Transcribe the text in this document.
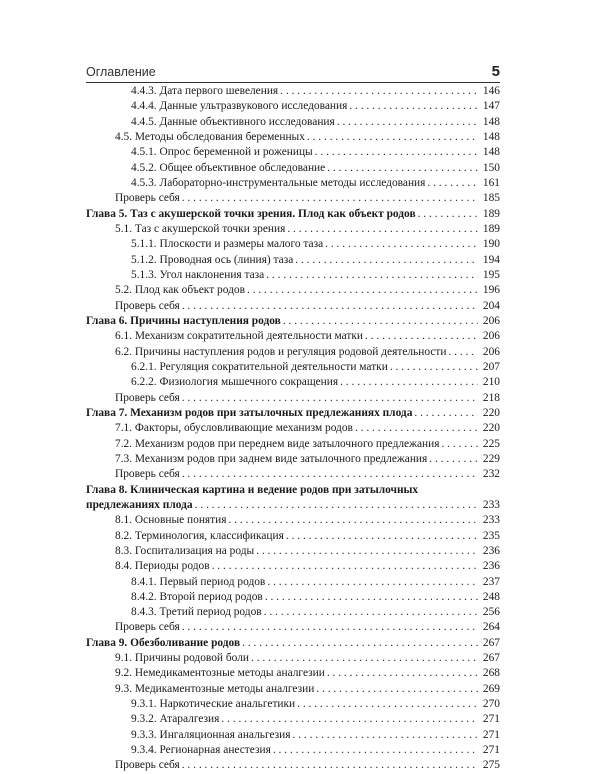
Оглавление	5
4.4.3. Дата первого шевеления . . .	146
4.4.4. Данные ультразвукового исследования . . .	147
4.4.5. Данные объективного исследования . . .	148
4.5. Методы обследования беременных . . .	148
4.5.1. Опрос беременной и роженицы . . .	148
4.5.2. Общее объективное обследование . . .	150
4.5.3. Лабораторно-инструментальные методы исследования . . .	161
Проверь себя . . .	185
Глава 5. Таз с акушерской точки зрения. Плод как объект родов . . .	189
5.1. Таз с акушерской точки зрения . . .	189
5.1.1. Плоскости и размеры малого таза . . .	190
5.1.2. Проводная ось (линия) таза . . .	194
5.1.3. Угол наклонения таза . . .	195
5.2. Плод как объект родов . . .	196
Проверь себя . . .	204
Глава 6. Причины наступления родов . . .	206
6.1. Механизм сократительной деятельности матки . . .	206
6.2. Причины наступления родов и регуляция родовой деятельности . . .	206
6.2.1. Регуляция сократительной деятельности матки . . .	207
6.2.2. Физиология мышечного сокращения . . .	210
Проверь себя . . .	218
Глава 7. Механизм родов при затылочных предлежаниях плода . . .	220
7.1. Факторы, обусловливающие механизм родов . . .	220
7.2. Механизм родов при переднем виде затылочного предлежания . . .	225
7.3. Механизм родов при заднем виде затылочного предлежания . . .	229
Проверь себя . . .	232
Глава 8. Клиническая картина и ведение родов при затылочных
предлежаниях плода . . .	233
8.1. Основные понятия . . .	233
8.2. Терминология, классификация . . .	235
8.3. Госпитализация на роды . . .	236
8.4. Периоды родов . . .	236
8.4.1. Первый период родов . . .	237
8.4.2. Второй период родов . . .	248
8.4.3. Третий период родов . . .	256
Проверь себя . . .	264
Глава 9. Обезболивание родов . . .	267
9.1. Причины родовой боли . . .	267
9.2. Немедикаментозные методы аналгезии . . .	268
9.3. Медикаментозные методы аналгезии . . .	269
9.3.1. Наркотические анальгетики . . .	270
9.3.2. Атаралгезия . . .	271
9.3.3. Ингаляционная анальгезия . . .	271
9.3.4. Регионарная анестезия . . .	271
Проверь себя . . .	275
